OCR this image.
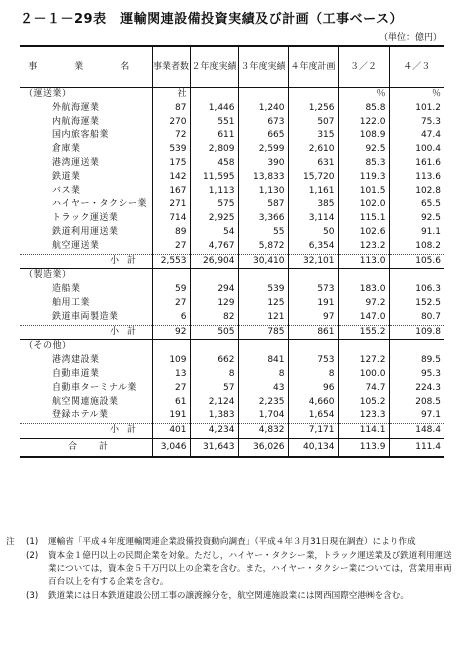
２－１－29表　運輸関連設備投資実績及び計画（工事ベース）
（単位：億円）
事　業　名	事業者数	２年度実績	３年度実績	４年度計画	３／２	４／３
（運送業）	社				％	％
外航海運業	87	1,446	1,240	1,256	85.8	101.2
内航海運業	270	551	673	507	122.0	75.3
国内旅客船業	72	611	665	315	108.9	47.4
倉庫業	539	2,809	2,599	2,610	92.5	100.4
港湾運送業	175	458	390	631	85.3	161.6
鉄道業	142	11,595	13,833	15,720	119.3	113.6
バス業	167	1,113	1,130	1,161	101.5	102.8
ハイヤー・タクシー業	271	575	587	385	102.0	65.5
トラック運送業	714	2,925	3,366	3,114	115.1	92.5
鉄道利用運送業	89	54	55	50	102.6	91.1
航空運送業	27	4,767	5,872	6,354	123.2	108.2
小計	2,553	26,904	30,410	32,101	113.0	105.6
（製造業）						
造船業	59	294	539	573	183.0	106.3
舶用工業	27	129	125	191	97.2	152.5
鉄道車両製造業	6	82	121	97	147.0	80.7
小計	92	505	785	861	155.2	109.8
（その他）						
港湾建設業	109	662	841	753	127.2	89.5
自動車道業	13	8	8	8	100.0	95.3
自動車ターミナル業	27	57	43	96	74.7	224.3
航空関連施設業	61	2,124	2,235	4,660	105.2	208.5
登録ホテル業	191	1,383	1,704	1,654	123.3	97.1
小計	401	4,234	4,832	7,171	114.1	148.4
合計	3,046	31,643	36,026	40,134	113.9	111.4
注	(1)	運輸省「平成４年度運輸関連企業設備投資動向調査」（平成４年３月31日現在調査）により作成
(2)	資本金１億円以上の民間企業を対象。ただし，ハイヤー・タクシー業，トラック運送業及び鉄道利用運送業については，資本金５千万円以上の企業を含む。また，ハイヤー・タクシー業については，営業用車両百台以上を有する企業を含む。
(3)	鉄道業には日本鉄道建設公団工事の譲渡線分を，航空関連施設業には関西国際空港㈱を含む。
